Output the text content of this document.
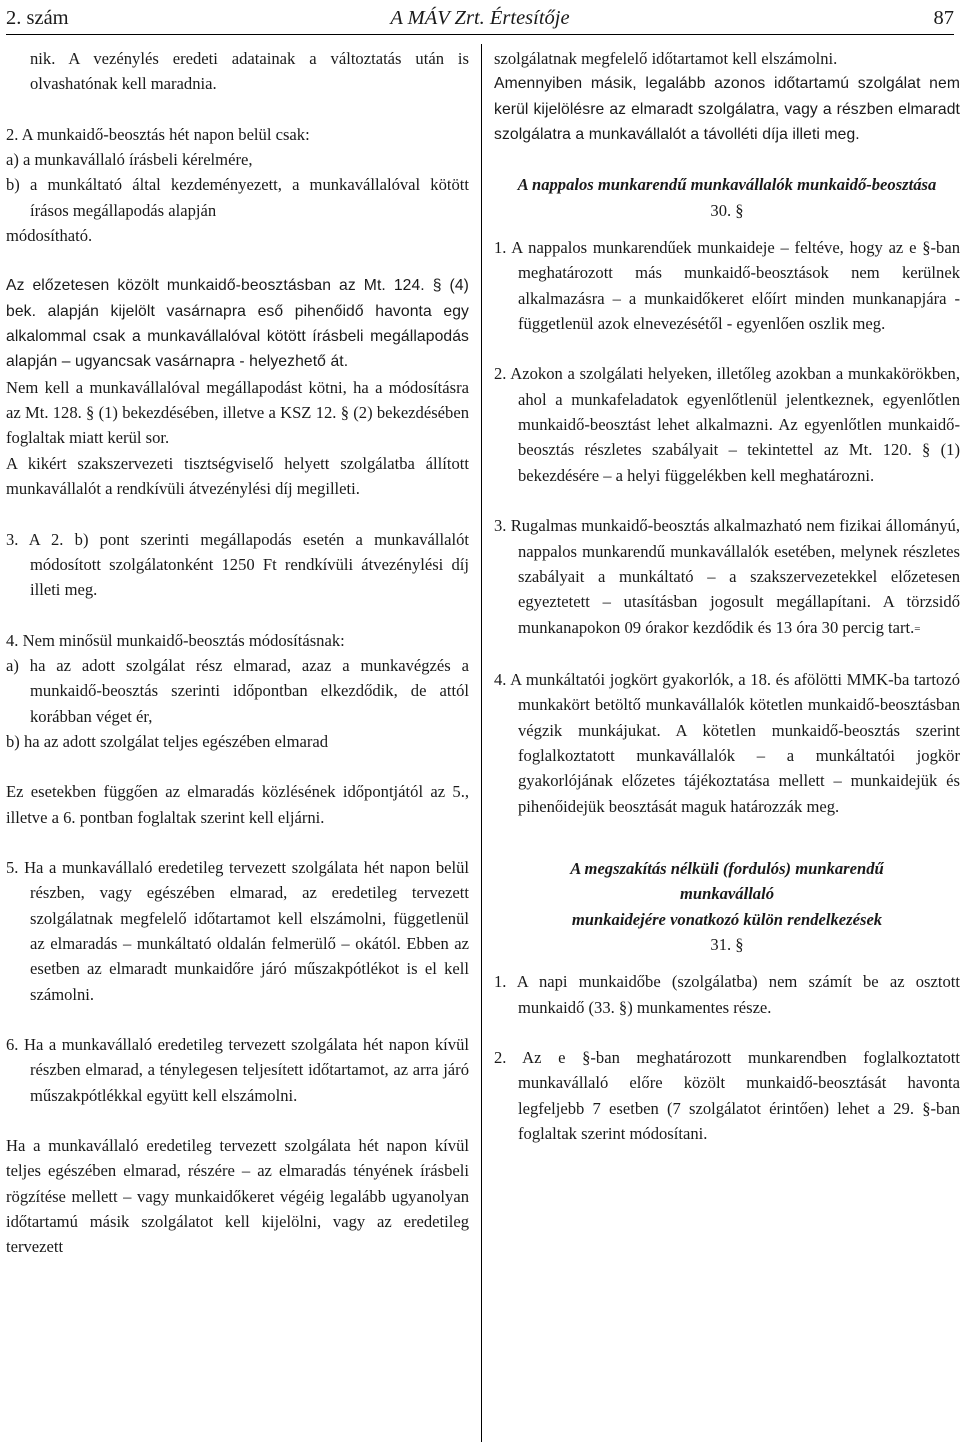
2. szám	A MÁV Zrt. Értesítője	87

nik. A vezénylés eredeti adatainak a változtatás után is olvashatónak kell maradnia.

2. A munkaidő-beosztás hét napon belül csak:

a) a munkavállaló írásbeli kérelmére,

b) a munkáltató által kezdeményezett, a munkavállalóval kötött írásos megállapodás alapján

módosítható.

Az előzetesen közölt munkaidő-beosztásban az Mt. 124. § (4) bek. alapján kijelölt vasárnapra eső pihenőidő havonta egy alkalommal csak a munkavállalóval kötött írásbeli megállapodás alapján – ugyancsak vasárnapra - helyezhető át.

Nem kell a munkavállalóval megállapodást kötni, ha a módosításra az Mt. 128. § (1) bekezdésében, illetve a KSZ 12. § (2) bekezdésében foglaltak miatt kerül sor.

A kikért szakszervezeti tisztségviselő helyett szolgálatba állított munkavállalót a rendkívüli átvezénylési díj megilleti.

3. A 2. b) pont szerinti megállapodás esetén a munkavállalót módosított szolgálatonként 1250 Ft rendkívüli átvezénylési díj illeti meg.

4. Nem minősül munkaidő-beosztás módosításnak:

a) ha az adott szolgálat rész elmarad, azaz a munkavégzés a munkaidő-beosztás szerinti időpontban elkezdődik, de attól korábban véget ér,

b) ha az adott szolgálat teljes egészében elmarad

Ez esetekben függően az elmaradás közlésének időpontjától az 5., illetve a 6. pontban foglaltak szerint kell eljárni.

5. Ha a munkavállaló eredetileg tervezett szolgálata hét napon belül részben, vagy egészében elmarad, az eredetileg tervezett szolgálatnak megfelelő időtartamot kell elszámolni, függetlenül az elmaradás – munkáltató oldalán felmerülő – okától. Ebben az esetben az elmaradt munkaidőre járó műszakpótlékot is el kell számolni.

6. Ha a munkavállaló eredetileg tervezett szolgálata hét napon kívül részben elmarad, a ténylegesen teljesített időtartamot, az arra járó műszakpótlékkal együtt kell elszámolni.

Ha a munkavállaló eredetileg tervezett szolgálata hét napon kívül teljes egészében elmarad, részére – az elmaradás tényének írásbeli rögzítése mellett – vagy munkaidőkeret végéig legalább ugyanolyan időtartamú másik szolgálatot kell kijelölni, vagy az eredetileg tervezett

szolgálatnak megfelelő időtartamot kell elszámolni.

Amennyiben másik, legalább azonos időtartamú szolgálat nem kerül kijelölésre az elmaradt szolgálatra, vagy a részben elmaradt szolgálatra a munkavállalót a távolléti díja illeti meg.

A nappalos munkarendű munkavállalók munkaidő-beosztása

30. §

1. A nappalos munkarendűek munkaideje – feltéve, hogy az e §-ban meghatározott más munkaidő-beosztások nem kerülnek alkalmazásra – a munkaidőkeret előírt minden munkanapjára - függetlenül azok elnevezésétől - egyenlően oszlik meg.

2. Azokon a szolgálati helyeken, illetőleg azokban a munkakörökben, ahol a munkafeladatok egyenlőtlenül jelentkeznek, egyenlőtlen munkaidő-beosztást lehet alkalmazni. Az egyenlőtlen munkaidő-beosztás részletes szabályait – tekintettel az Mt. 120. § (1) bekezdésére – a helyi függelékben kell meghatározni.

3. Rugalmas munkaidő-beosztás alkalmazható nem fizikai állományú, nappalos munkarendű munkavállalók esetében, melynek részletes szabályait a munkáltató – a szakszervezetekkel előzetesen egyeztetett – utasításban jogosult megállapítani. A törzsidő munkanapokon 09 órakor kezdődik és 13 óra 30 percig tart.=

4. A munkáltatói jogkört gyakorlók, a 18. és afölötti MMK-ba tartozó munkakört betöltő munkavállalók kötetlen munkaidő-beosztásban végzik munkájukat. A kötetlen munkaidő-beosztás szerint foglalkoztatott munkavállalók – a munkáltatói jogkör gyakorlójának előzetes tájékoztatása mellett – munkaidejük és pihenőidejük beosztását maguk határozzák meg.

A megszakítás nélküli (fordulós) munkarendű munkavállaló

munkaidejére vonatkozó külön rendelkezések

31. §

1. A napi munkaidőbe (szolgálatba) nem számít be az osztott munkaidő (33. §) munkamentes része.

2. Az e §-ban meghatározott munkarendben foglalkoztatott munkavállaló előre közölt munkaidő-beosztását havonta legfeljebb 7 esetben (7 szolgálatot érintően) lehet a 29. §-ban foglaltak szerint módosítani.
